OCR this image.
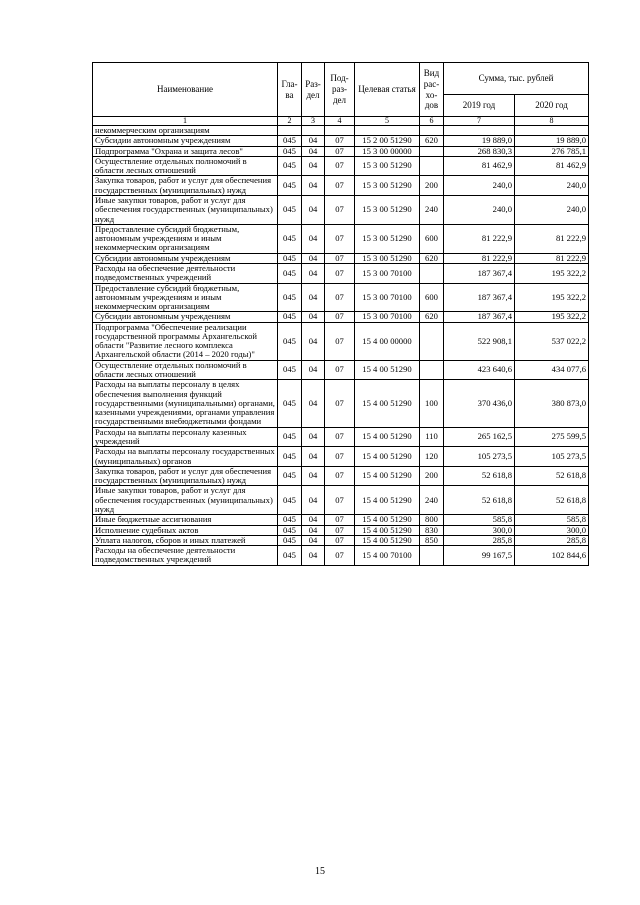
Наименование	Гла-ва	Раз-дел	Под-раз-дел	Целевая статья	Вид рас-хо-дов	Сумма, тыс. рублей	
						2019 год	2020 год
1	2	3	4	5	6	7	8
некоммерческим организациям							
Субсидии автономным учреждениям	045	04	07	15 2 00 51290	620	19 889,0	19 889,0
Подпрограмма "Охрана и защита лесов"	045	04	07	15 3 00 00000		268 830,3	276 785,1
Осуществление отдельных полномочий в области лесных отношений	045	04	07	15 3 00 51290		81 462,9	81 462,9
Закупка товаров, работ и услуг для обеспечения государственных (муниципальных) нужд	045	04	07	15 3 00 51290	200	240,0	240,0
Иные закупки товаров, работ и услуг для обеспечения государственных (муниципальных) нужд	045	04	07	15 3 00 51290	240	240,0	240,0
Предоставление субсидий бюджетным, автономным учреждениям и иным некоммерческим организациям	045	04	07	15 3 00 51290	600	81 222,9	81 222,9
Субсидии автономным учреждениям	045	04	07	15 3 00 51290	620	81 222,9	81 222,9
Расходы на обеспечение деятельности подведомственных учреждений	045	04	07	15 3 00 70100		187 367,4	195 322,2
Предоставление субсидий бюджетным, автономным учреждениям и иным некоммерческим организациям	045	04	07	15 3 00 70100	600	187 367,4	195 322,2
Субсидии автономным учреждениям	045	04	07	15 3 00 70100	620	187 367,4	195 322,2
Подпрограмма "Обеспечение реализации государственной программы Архангельской области "Развитие лесного комплекса Архангельской области (2014 – 2020 годы)"	045	04	07	15 4 00 00000		522 908,1	537 022,2
Осуществление отдельных полномочий в области лесных отношений	045	04	07	15 4 00 51290		423 640,6	434 077,6
Расходы на выплаты персоналу в целях обеспечения выполнения функций государственными (муниципальными) органами, казенными учреждениями, органами управления государственными внебюджетными фондами	045	04	07	15 4 00 51290	100	370 436,0	380 873,0
Расходы на выплаты персоналу казенных учреждений	045	04	07	15 4 00 51290	110	265 162,5	275 599,5
Расходы на выплаты персоналу государственных (муниципальных) органов	045	04	07	15 4 00 51290	120	105 273,5	105 273,5
Закупка товаров, работ и услуг для обеспечения государственных (муниципальных) нужд	045	04	07	15 4 00 51290	200	52 618,8	52 618,8
Иные закупки товаров, работ и услуг для обеспечения государственных (муниципальных) нужд	045	04	07	15 4 00 51290	240	52 618,8	52 618,8
Иные бюджетные ассигнования	045	04	07	15 4 00 51290	800	585,8	585,8
Исполнение судебных актов	045	04	07	15 4 00 51290	830	300,0	300,0
Уплата налогов, сборов и иных платежей	045	04	07	15 4 00 51290	850	285,8	285,8
Расходы на обеспечение деятельности подведомственных учреждений	045	04	07	15 4 00 70100		99 167,5	102 844,6
15
